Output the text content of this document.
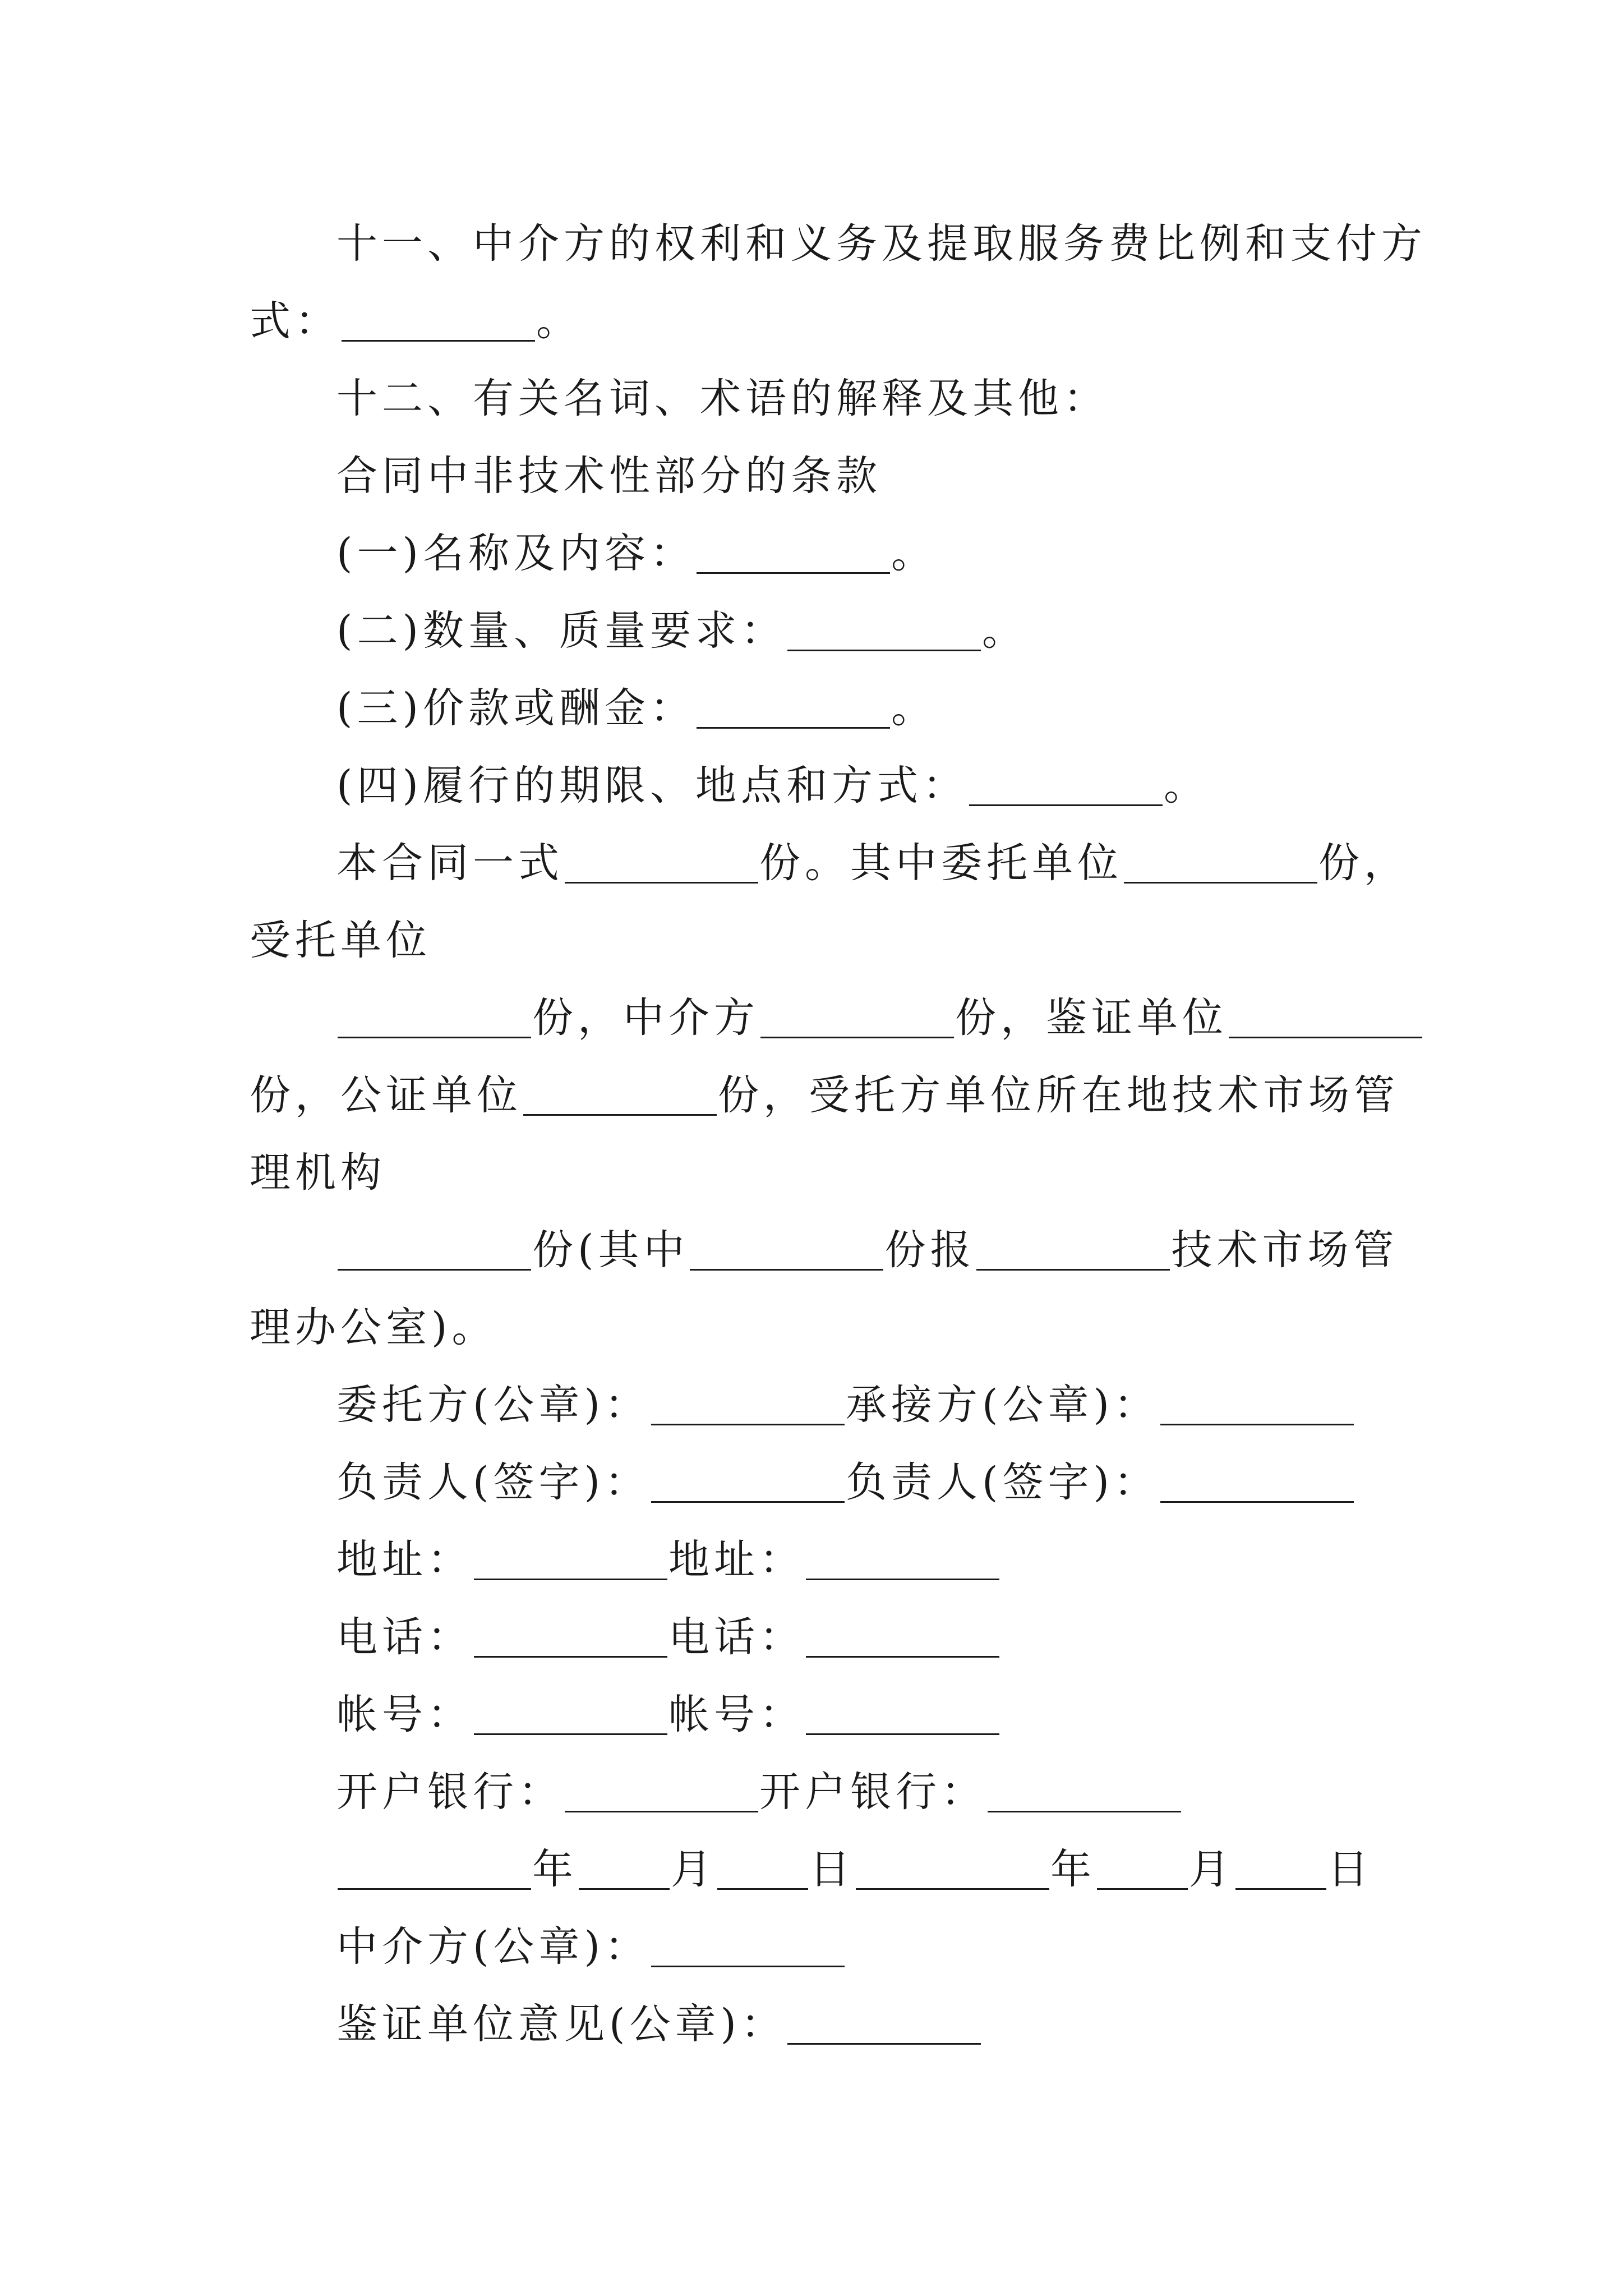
十一、中介方的权利和义务及提取服务费比例和支付方
式：	。
十二、有关名词、术语的解释及其他：
合同中非技术性部分的条款
(一)名称及内容：	。
(二)数量、质量要求：	。
(三)价款或酬金：	。
(四)履行的期限、地点和方式：	。
本合同一式	份。其中委托单位	份，
受托单位
份，中介方	份，鉴证单位
份，公证单位	份，受托方单位所在地技术市场管
理机构
份(其中	份报	技术市场管
理办公室)。
委托方(公章)：	承接方(公章)：
负责人(签字)：	负责人(签字)：
地址：	地址：
电话：	电话：
帐号：	帐号：
开户银行：	开户银行：
年 月 日	年 月 日
中介方(公章)：
鉴证单位意见(公章)：
